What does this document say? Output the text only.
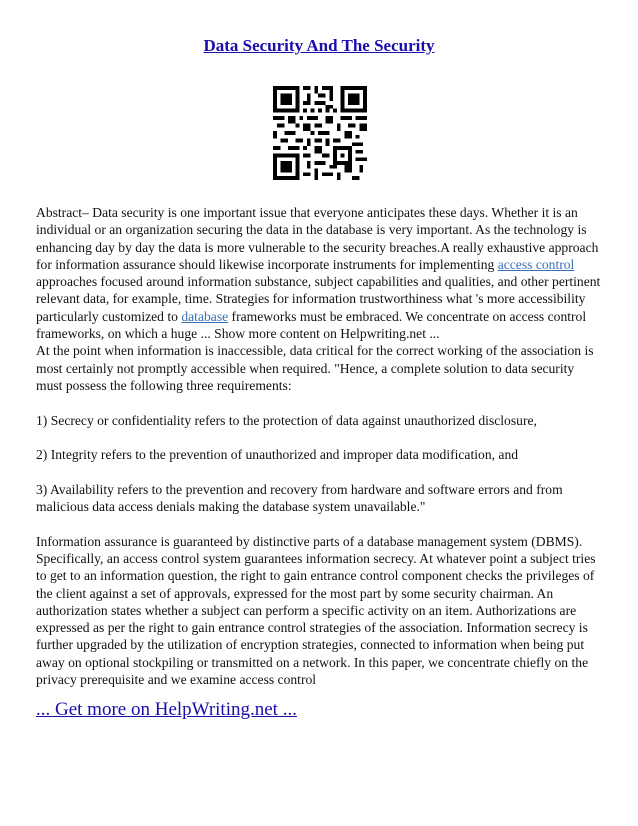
Data Security And The Security

Abstract– Data security is one important issue that everyone anticipates these days. Whether it is an individual or an organization securing the data in the database is very important. As the technology is enhancing day by day the data is more vulnerable to the security breaches.A really exhaustive approach for information assurance should likewise incorporate instruments for implementing access control approaches focused around information substance, subject capabilities and qualities, and other pertinent relevant data, for example, time. Strategies for information trustworthiness what 's more accessibility particularly customized to database frameworks must be embraced. We concentrate on access control frameworks, on which a huge ... Show more content on Helpwriting.net ...

At the point when information is inaccessible, data critical for the correct working of the association is most certainly not promptly accessible when required. "Hence, a complete solution to data security must possess the following three requirements:

1) Secrecy or confidentiality refers to the protection of data against unauthorized disclosure,

2) Integrity refers to the prevention of unauthorized and improper data modification, and

3) Availability refers to the prevention and recovery from hardware and software errors and from malicious data access denials making the database system unavailable."

Information assurance is guaranteed by distinctive parts of a database management system (DBMS). Specifically, an access control system guarantees information secrecy. At whatever point a subject tries to get to an information question, the right to gain entrance control component checks the privileges of the client against a set of approvals, expressed for the most part by some security chairman. An authorization states whether a subject can perform a specific activity on an item. Authorizations are expressed as per the right to gain entrance control strategies of the association. Information secrecy is further upgraded by the utilization of encryption strategies, connected to information when being put away on optional stockpiling or transmitted on a network. In this paper, we concentrate chiefly on the privacy prerequisite and we examine access control

... Get more on HelpWriting.net ...
